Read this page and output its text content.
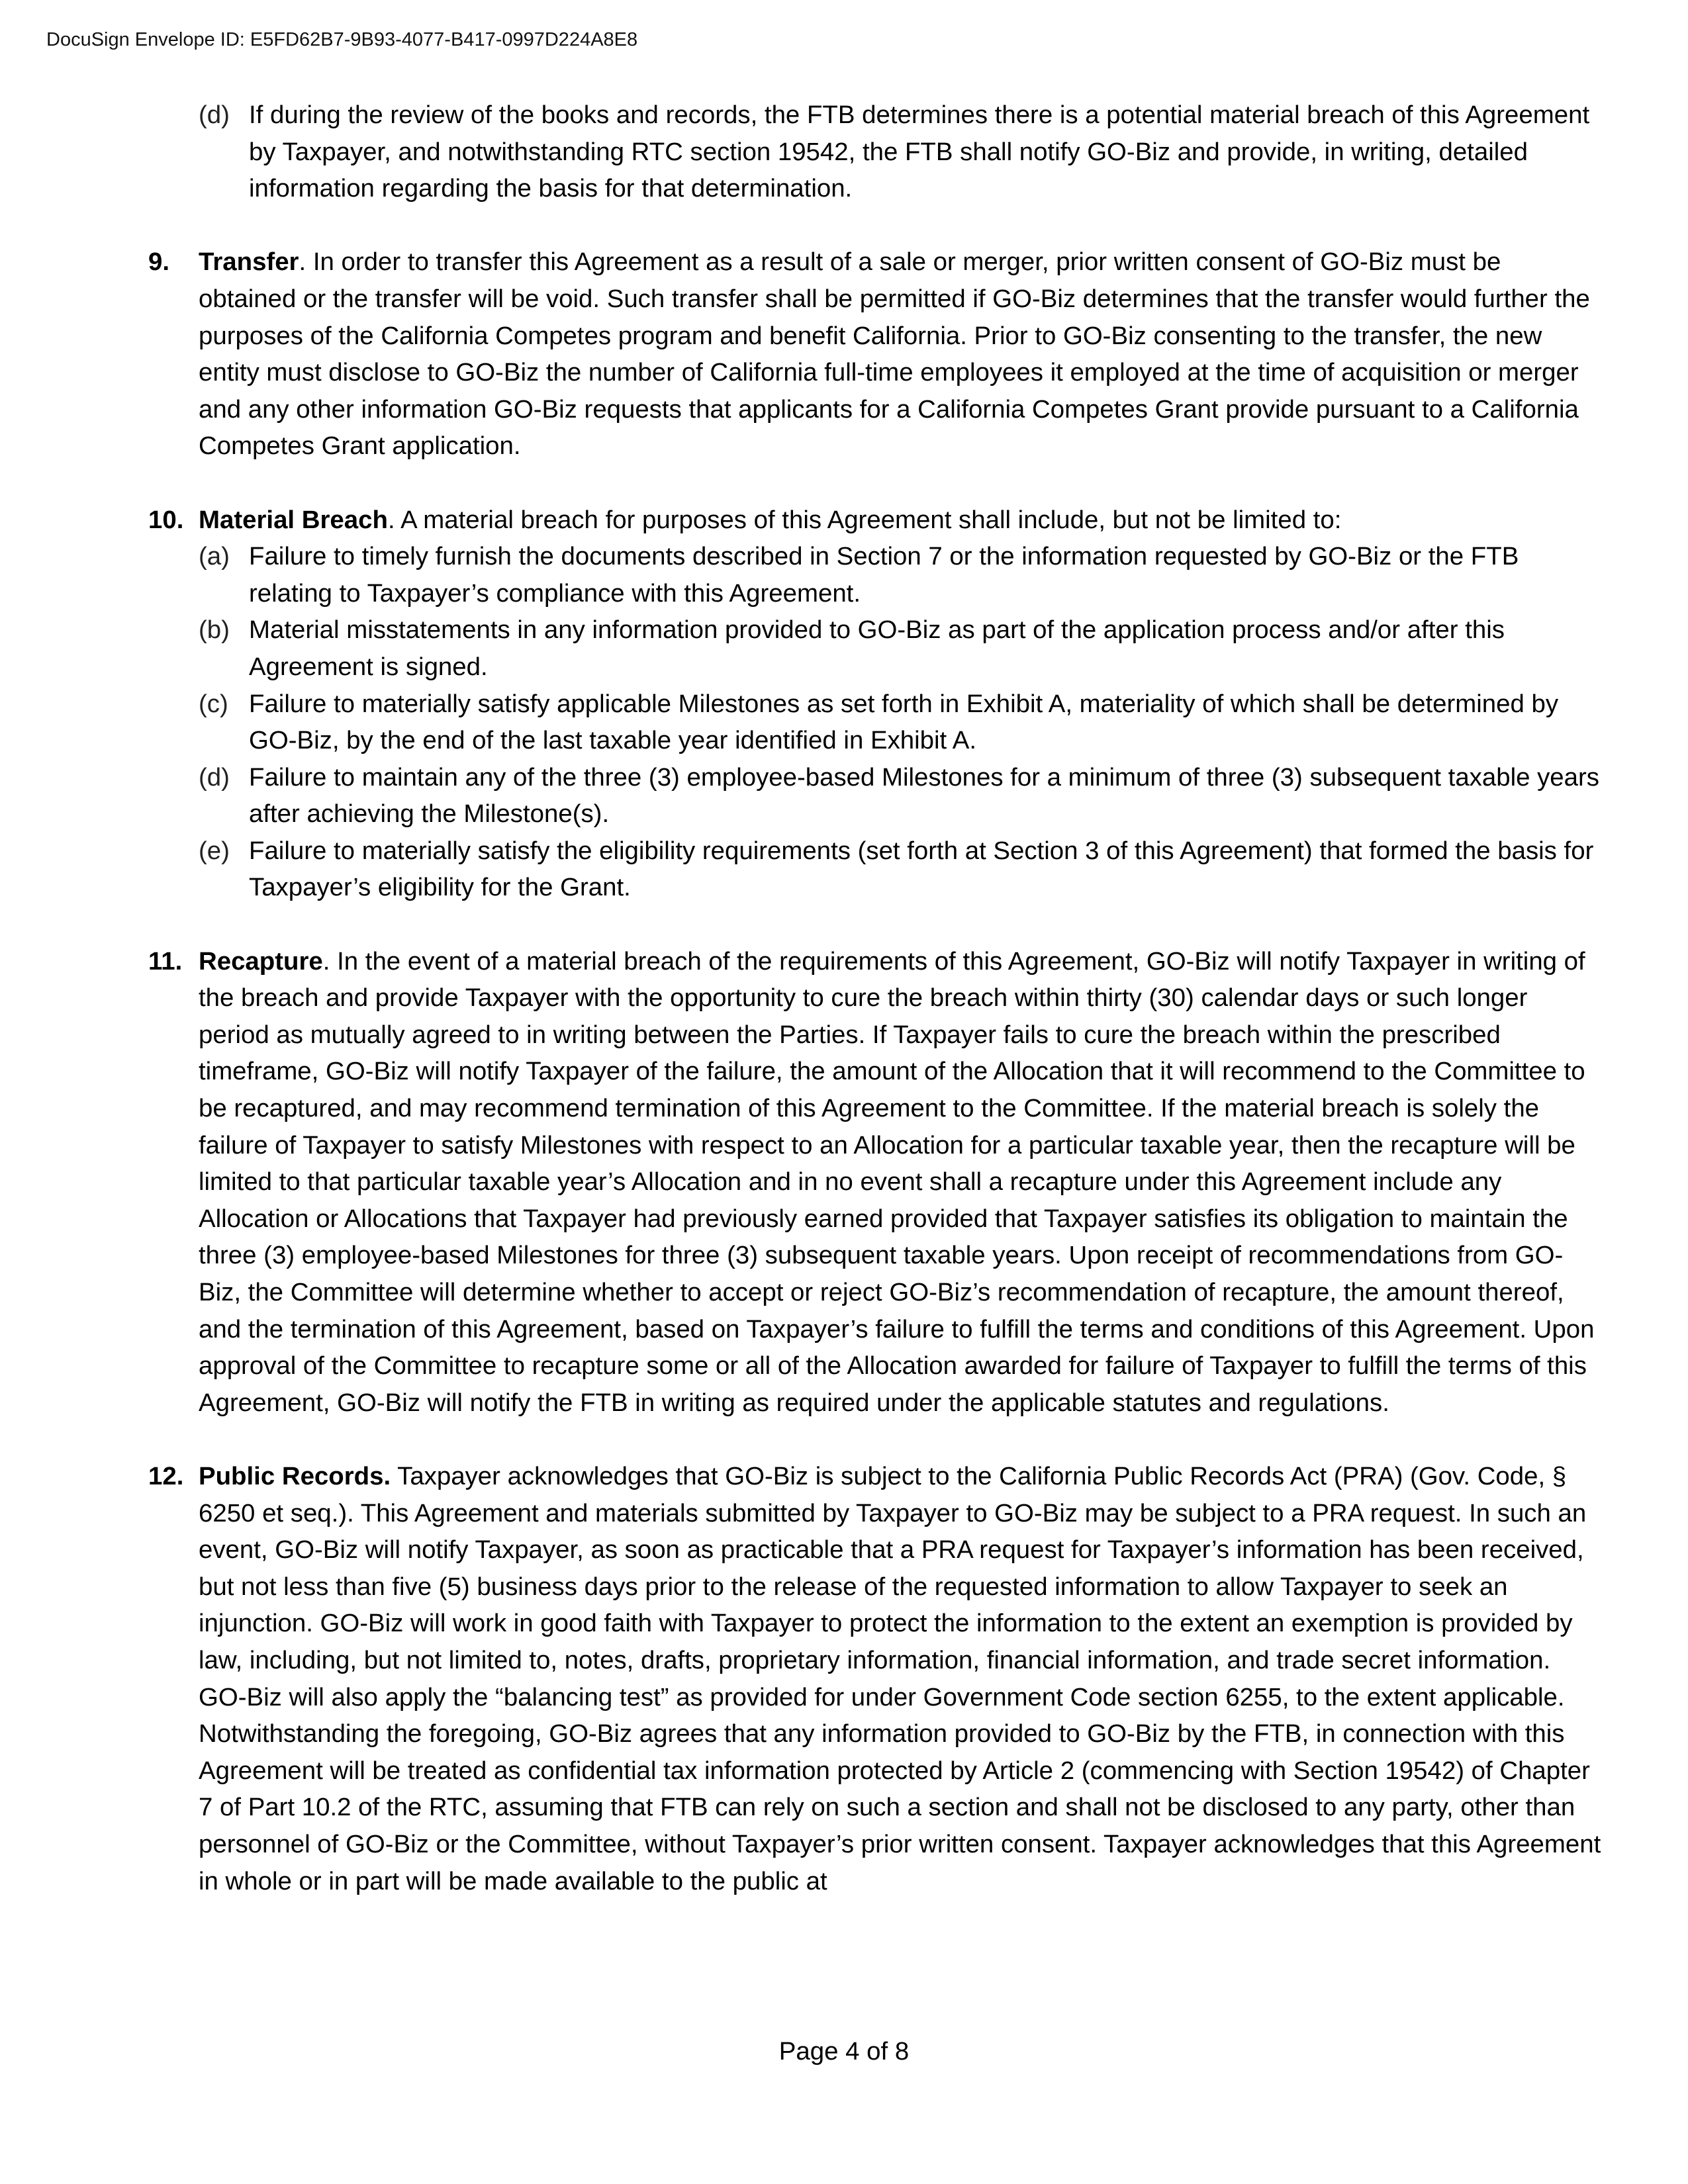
DocuSign Envelope ID: E5FD62B7-9B93-4077-B417-0997D224A8E8
(d) If during the review of the books and records, the FTB determines there is a potential material breach of this Agreement by Taxpayer, and notwithstanding RTC section 19542, the FTB shall notify GO-Biz and provide, in writing, detailed information regarding the basis for that determination.
9. Transfer. In order to transfer this Agreement as a result of a sale or merger, prior written consent of GO-Biz must be obtained or the transfer will be void. Such transfer shall be permitted if GO-Biz determines that the transfer would further the purposes of the California Competes program and benefit California. Prior to GO-Biz consenting to the transfer, the new entity must disclose to GO-Biz the number of California full-time employees it employed at the time of acquisition or merger and any other information GO-Biz requests that applicants for a California Competes Grant provide pursuant to a California Competes Grant application.
10. Material Breach. A material breach for purposes of this Agreement shall include, but not be limited to:
(a) Failure to timely furnish the documents described in Section 7 or the information requested by GO-Biz or the FTB relating to Taxpayer’s compliance with this Agreement.
(b) Material misstatements in any information provided to GO-Biz as part of the application process and/or after this Agreement is signed.
(c) Failure to materially satisfy applicable Milestones as set forth in Exhibit A, materiality of which shall be determined by GO-Biz, by the end of the last taxable year identified in Exhibit A.
(d) Failure to maintain any of the three (3) employee-based Milestones for a minimum of three (3) subsequent taxable years after achieving the Milestone(s).
(e) Failure to materially satisfy the eligibility requirements (set forth at Section 3 of this Agreement) that formed the basis for Taxpayer’s eligibility for the Grant.
11. Recapture. In the event of a material breach of the requirements of this Agreement, GO-Biz will notify Taxpayer in writing of the breach and provide Taxpayer with the opportunity to cure the breach within thirty (30) calendar days or such longer period as mutually agreed to in writing between the Parties. If Taxpayer fails to cure the breach within the prescribed timeframe, GO-Biz will notify Taxpayer of the failure, the amount of the Allocation that it will recommend to the Committee to be recaptured, and may recommend termination of this Agreement to the Committee. If the material breach is solely the failure of Taxpayer to satisfy Milestones with respect to an Allocation for a particular taxable year, then the recapture will be limited to that particular taxable year’s Allocation and in no event shall a recapture under this Agreement include any Allocation or Allocations that Taxpayer had previously earned provided that Taxpayer satisfies its obligation to maintain the three (3) employee-based Milestones for three (3) subsequent taxable years. Upon receipt of recommendations from GO-Biz, the Committee will determine whether to accept or reject GO-Biz’s recommendation of recapture, the amount thereof, and the termination of this Agreement, based on Taxpayer’s failure to fulfill the terms and conditions of this Agreement. Upon approval of the Committee to recapture some or all of the Allocation awarded for failure of Taxpayer to fulfill the terms of this Agreement, GO-Biz will notify the FTB in writing as required under the applicable statutes and regulations.
12. Public Records. Taxpayer acknowledges that GO-Biz is subject to the California Public Records Act (PRA) (Gov. Code, § 6250 et seq.). This Agreement and materials submitted by Taxpayer to GO-Biz may be subject to a PRA request. In such an event, GO-Biz will notify Taxpayer, as soon as practicable that a PRA request for Taxpayer’s information has been received, but not less than five (5) business days prior to the release of the requested information to allow Taxpayer to seek an injunction. GO-Biz will work in good faith with Taxpayer to protect the information to the extent an exemption is provided by law, including, but not limited to, notes, drafts, proprietary information, financial information, and trade secret information. GO-Biz will also apply the “balancing test” as provided for under Government Code section 6255, to the extent applicable.
Notwithstanding the foregoing, GO-Biz agrees that any information provided to GO-Biz by the FTB, in connection with this Agreement will be treated as confidential tax information protected by Article 2 (commencing with Section 19542) of Chapter 7 of Part 10.2 of the RTC, assuming that FTB can rely on such a section and shall not be disclosed to any party, other than personnel of GO-Biz or the Committee, without Taxpayer’s prior written consent. Taxpayer acknowledges that this Agreement in whole or in part will be made available to the public at
Page 4 of 8
